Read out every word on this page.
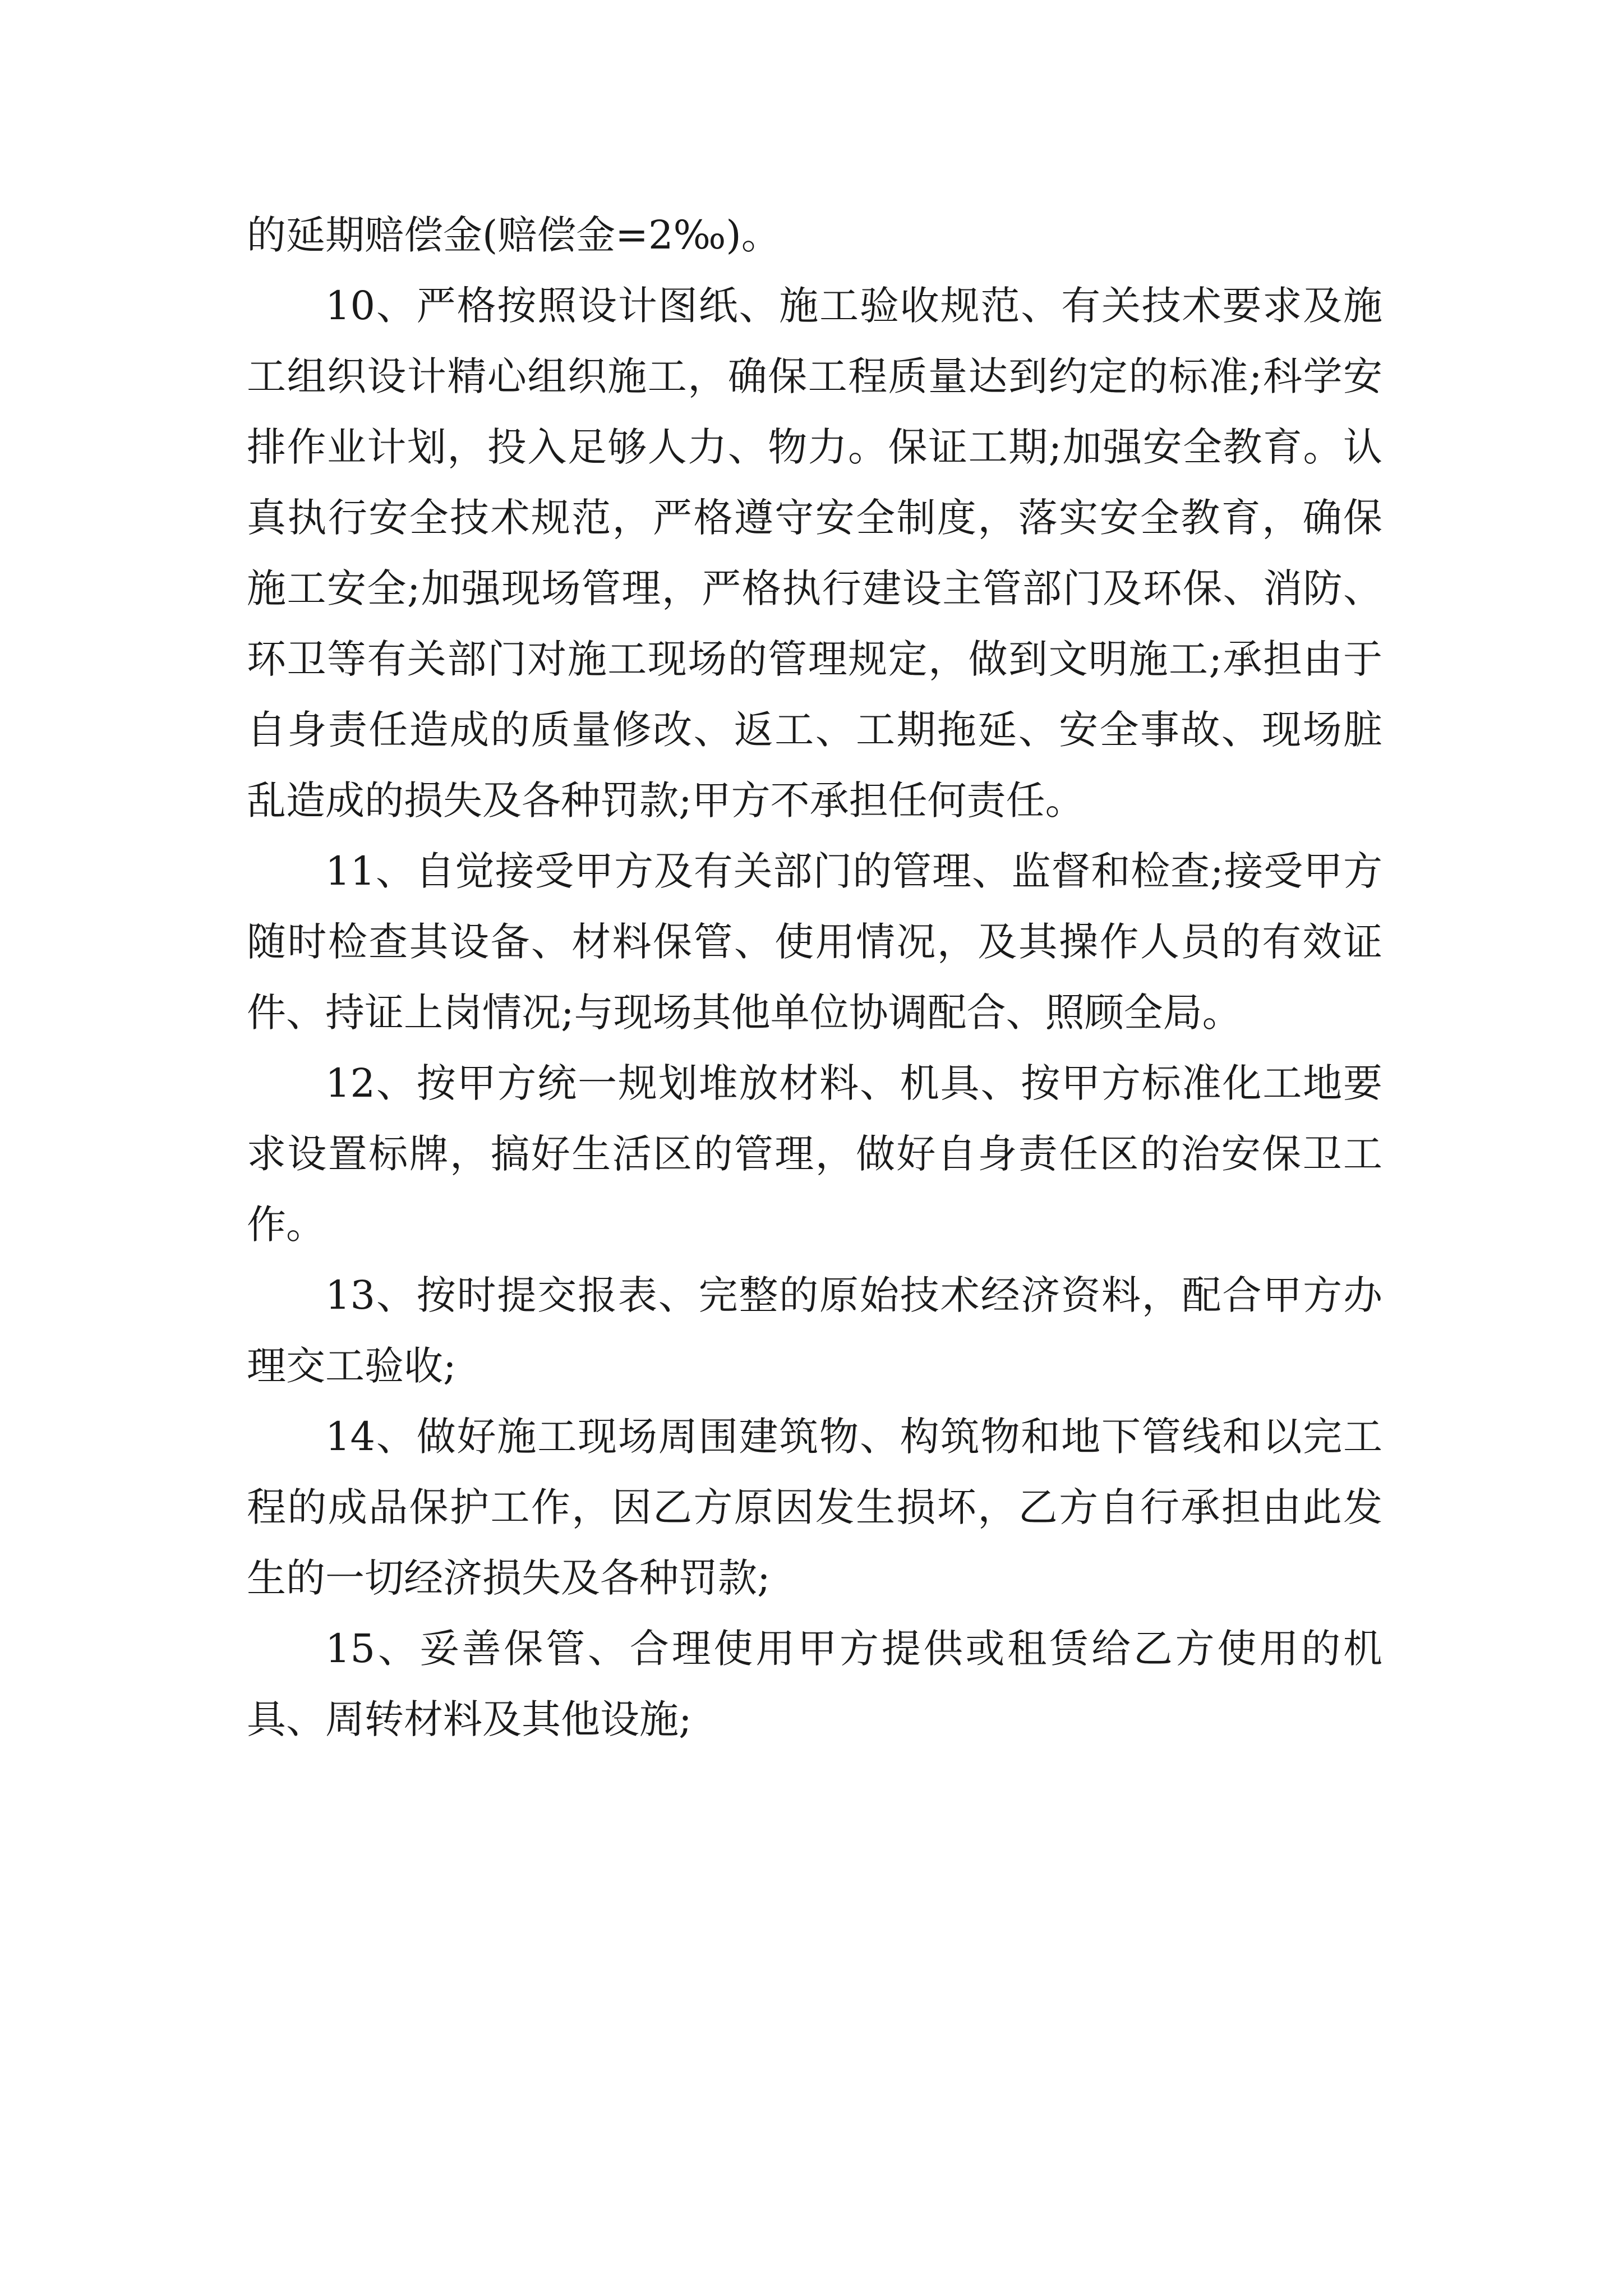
的延期赔偿金(赔偿金=2‰)。

10、严格按照设计图纸、施工验收规范、有关技术要求及施工组织设计精心组织施工，确保工程质量达到约定的标准;科学安排作业计划，投入足够人力、物力。保证工期;加强安全教育。认真执行安全技术规范，严格遵守安全制度，落实安全教育，确保施工安全;加强现场管理，严格执行建设主管部门及环保、消防、环卫等有关部门对施工现场的管理规定，做到文明施工;承担由于自身责任造成的质量修改、返工、工期拖延、安全事故、现场脏乱造成的损失及各种罚款;甲方不承担任何责任。

11、自觉接受甲方及有关部门的管理、监督和检查;接受甲方随时检查其设备、材料保管、使用情况，及其操作人员的有效证件、持证上岗情况;与现场其他单位协调配合、照顾全局。

12、按甲方统一规划堆放材料、机具、按甲方标准化工地要求设置标牌，搞好生活区的管理，做好自身责任区的治安保卫工作。

13、按时提交报表、完整的原始技术经济资料，配合甲方办理交工验收;

14、做好施工现场周围建筑物、构筑物和地下管线和以完工程的成品保护工作，因乙方原因发生损坏，乙方自行承担由此发生的一切经济损失及各种罚款;

15、妥善保管、合理使用甲方提供或租赁给乙方使用的机具、周转材料及其他设施;
